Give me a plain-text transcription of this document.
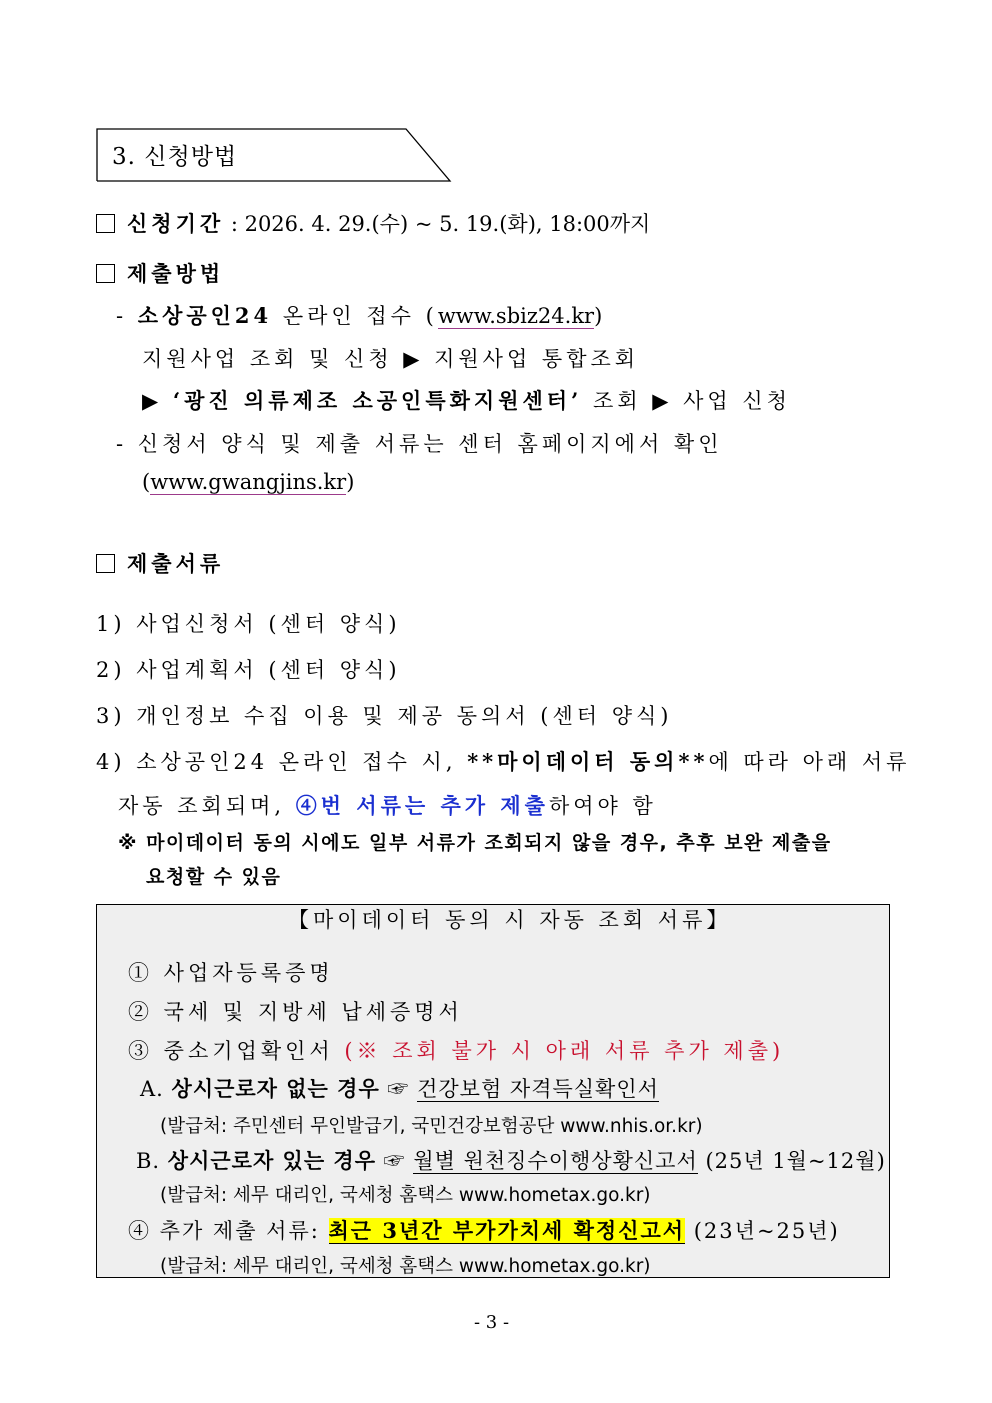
3. 신청방법
신청기간 : 2026. 4. 29.(수) ~ 5. 19.(화), 18:00까지
제출방법
- 소상공인24 온라인 접수 (www.sbiz24.kr)
지원사업 조회 및 신청 ▶ 지원사업 통합조회
▶ ‘광진 의류제조 소공인특화지원센터’ 조회 ▶ 사업 신청
- 신청서 양식 및 제출 서류는 센터 홈페이지에서 확인
(www.gwangjins.kr)
제출서류
1) 사업신청서 (센터 양식)
2) 사업계획서 (센터 양식)
3) 개인정보 수집 이용 및 제공 동의서 (센터 양식)
4) 소상공인24 온라인 접수 시, **마이데이터 동의**에 따라 아래 서류
자동 조회되며, ④번 서류는 추가 제출하여야 함
※ 마이데이터 동의 시에도 일부 서류가 조회되지 않을 경우, 추후 보완 제출을
요청할 수 있음
【마이데이터 동의 시 자동 조회 서류】
① 사업자등록증명
② 국세 및 지방세 납세증명서
③ 중소기업확인서 (※ 조회 불가 시 아래 서류 추가 제출)
A. 상시근로자 없는 경우 ☞ 건강보험 자격득실확인서
(발급처: 주민센터 무인발급기, 국민건강보험공단 www.nhis.or.kr)
B. 상시근로자 있는 경우 ☞ 월별 원천징수이행상황신고서 (25년 1월~12월)
(발급처: 세무 대리인, 국세청 홈택스 www.hometax.go.kr)
④ 추가 제출 서류: 최근 3년간 부가가치세 확정신고서 (23년~25년)
(발급처: 세무 대리인, 국세청 홈택스 www.hometax.go.kr)
- 3 -
